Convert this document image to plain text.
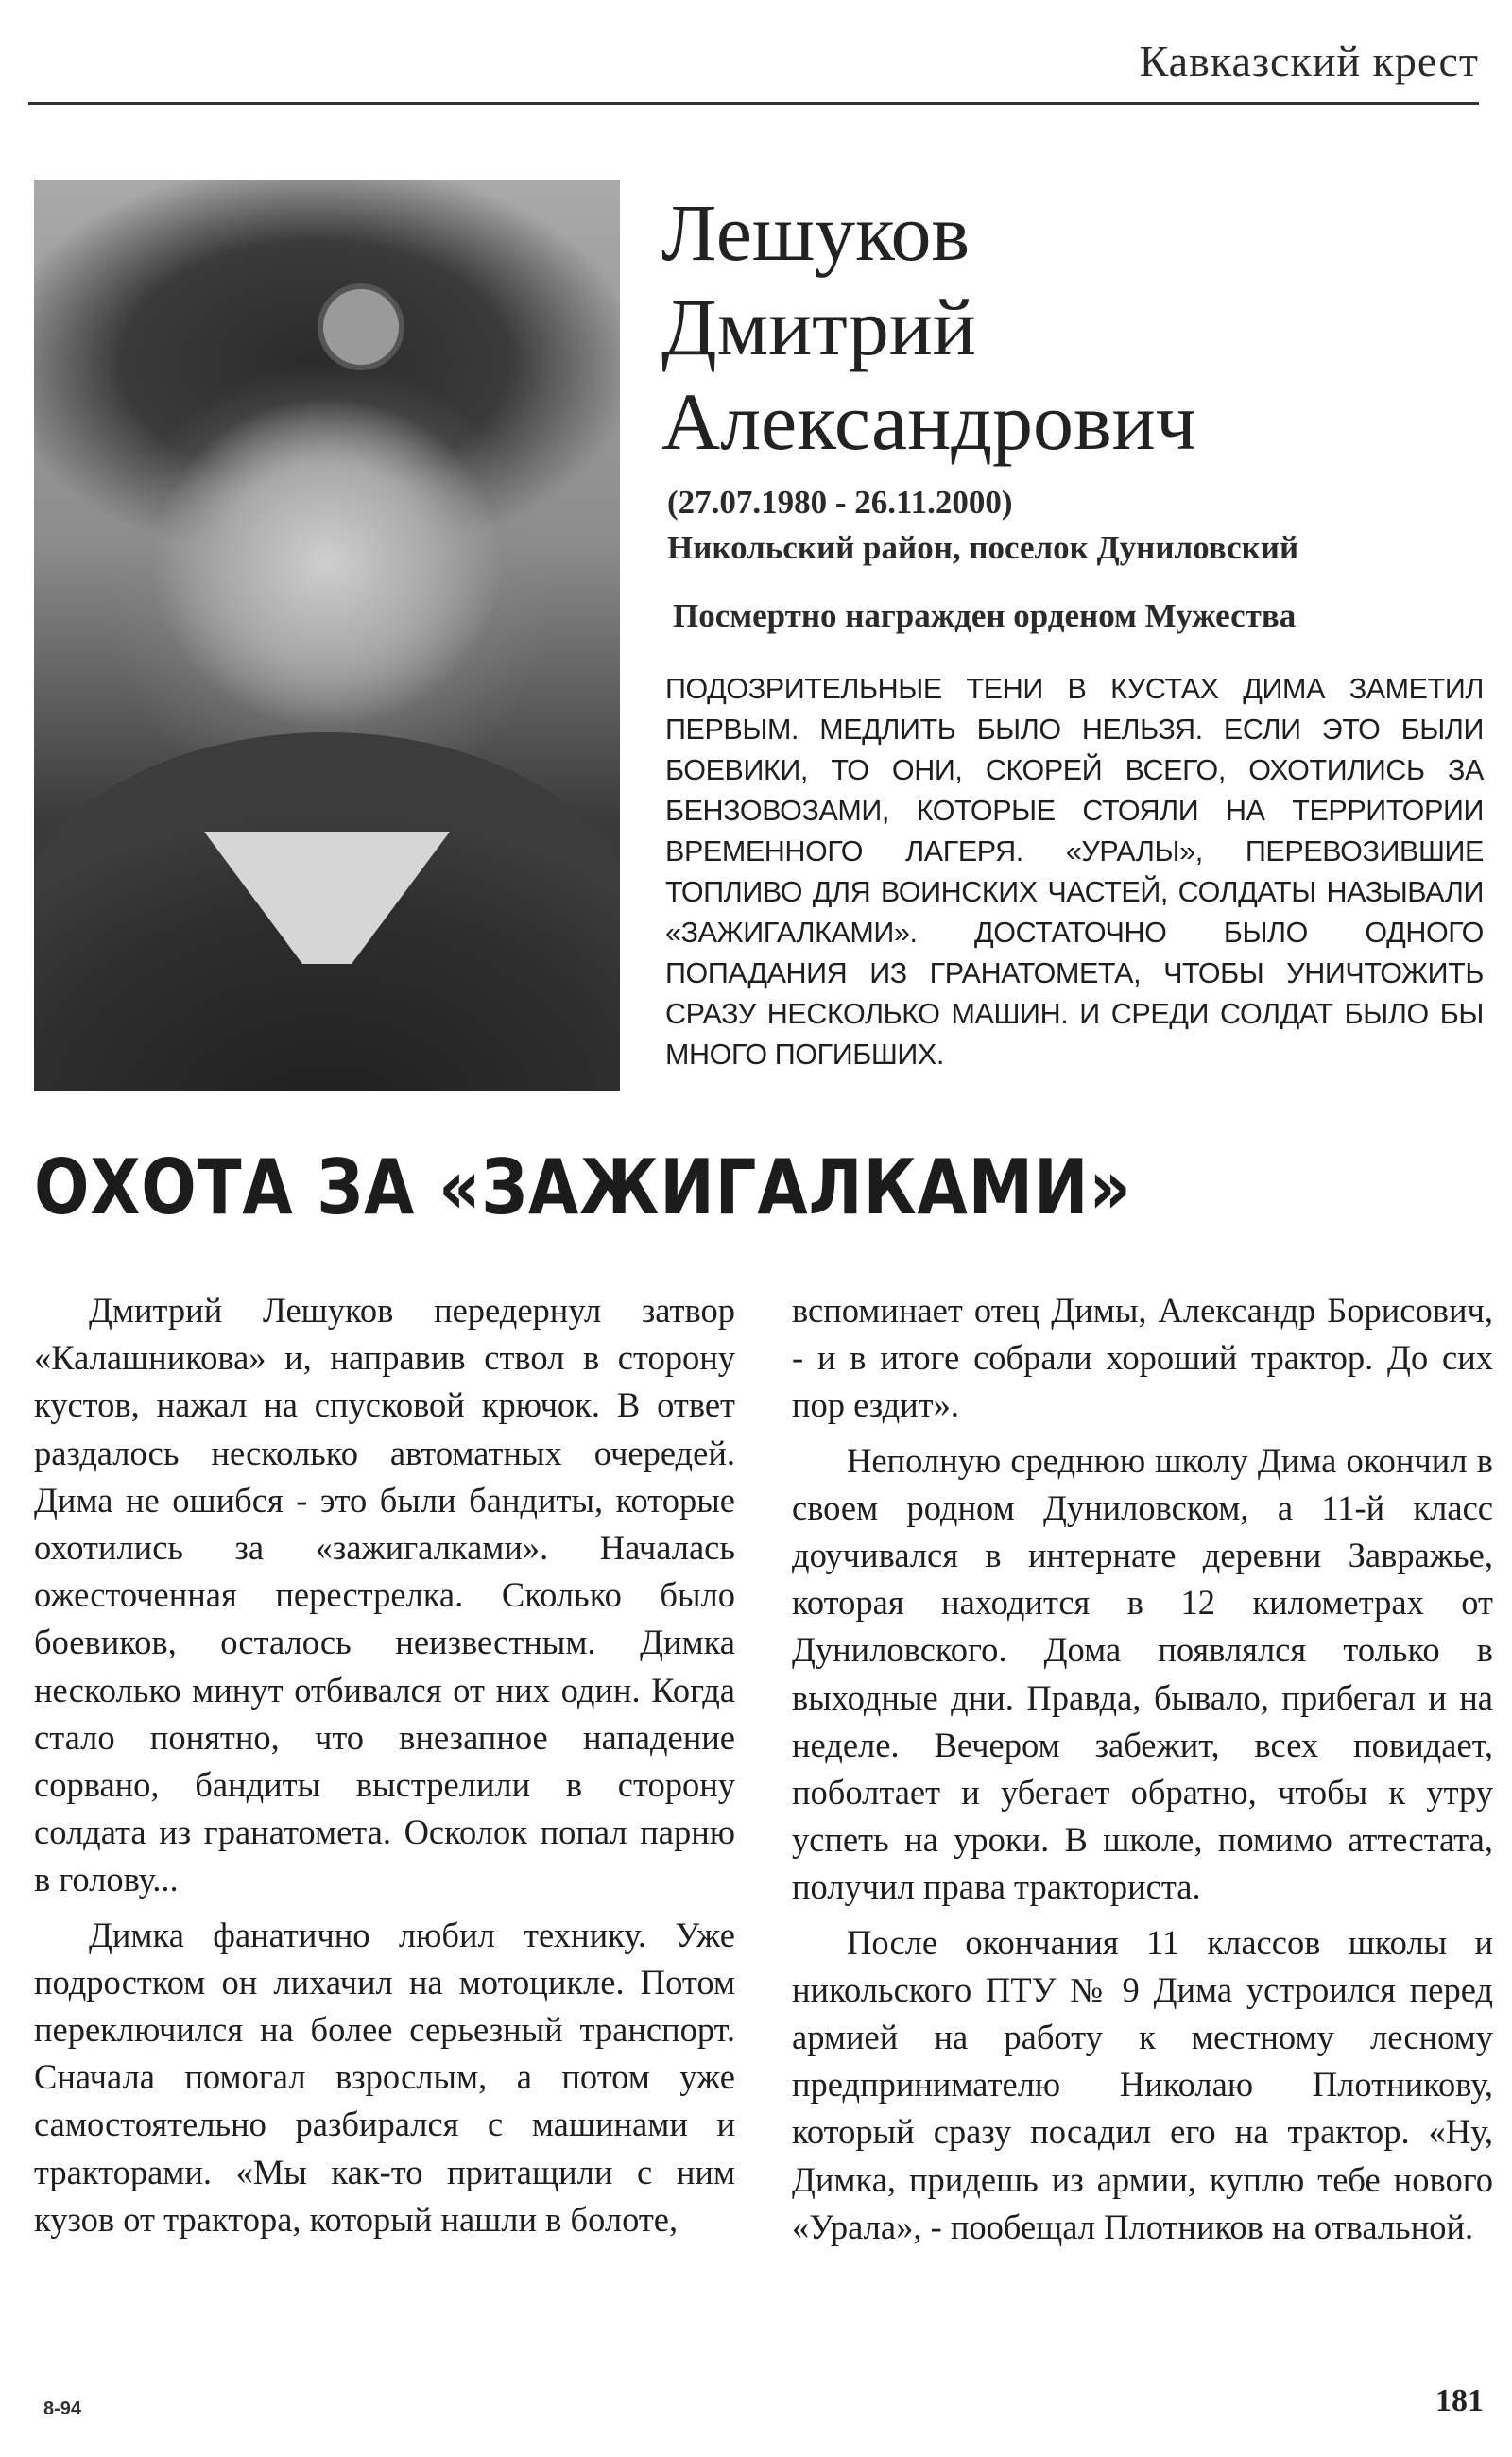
Кавказский крест
Лешуков
Дмитрий
Александрович
(27.07.1980 - 26.11.2000)
Никольский район, поселок Дуниловский
Посмертно награжден орденом Мужества
ПОДОЗРИТЕЛЬНЫЕ ТЕНИ В КУСТАХ ДИМА ЗАМЕТИЛ ПЕРВЫМ. МЕДЛИТЬ БЫЛО НЕЛЬЗЯ. ЕСЛИ ЭТО БЫЛИ БОЕВИКИ, ТО ОНИ, СКОРЕЙ ВСЕГО, ОХОТИЛИСЬ ЗА БЕНЗОВОЗАМИ, КОТОРЫЕ СТОЯЛИ НА ТЕРРИТОРИИ ВРЕМЕННОГО ЛАГЕРЯ. «УРАЛЫ», ПЕРЕВОЗИВШИЕ ТОПЛИВО ДЛЯ ВОИНСКИХ ЧАСТЕЙ, СОЛДАТЫ НАЗЫВАЛИ «ЗАЖИГАЛКАМИ». ДОСТАТОЧНО БЫЛО ОДНОГО ПОПАДАНИЯ ИЗ ГРАНАТОМЕТА, ЧТОБЫ УНИЧТОЖИТЬ СРАЗУ НЕСКОЛЬКО МАШИН. И СРЕДИ СОЛДАТ БЫЛО БЫ МНОГО ПОГИБШИХ.
ОХОТА ЗА «ЗАЖИГАЛКАМИ»

Дмитрий Лешуков передернул затвор «Калашникова» и, направив ствол в сторону кустов, нажал на спусковой крючок. В ответ раздалось несколько автоматных очередей. Дима не ошибся - это были бандиты, которые охотились за «зажигалками». Началась ожесточенная перестрелка. Сколько было боевиков, осталось неизвестным. Димка несколько минут отбивался от них один. Когда стало понятно, что внезапное нападение сорвано, бандиты выстрелили в сторону солдата из гранатомета. Осколок попал парню в голову...

Димка фанатично любил технику. Уже подростком он лихачил на мотоцикле. Потом переключился на более серьезный транспорт. Сначала помогал взрослым, а потом уже самостоятельно разбирался с машинами и тракторами. «Мы как-то притащили с ним кузов от трактора, который нашли в болоте,

вспоминает отец Димы, Александр Борисович, - и в итоге собрали хороший трактор. До сих пор ездит».

Неполную среднюю школу Дима окончил в своем родном Дуниловском, а 11-й класс доучивался в интернате деревни Завражье, которая находится в 12 километрах от Дуниловского. Дома появлялся только в выходные дни. Правда, бывало, прибегал и на неделе. Вечером забежит, всех повидает, поболтает и убегает обратно, чтобы к утру успеть на уроки. В школе, помимо аттестата, получил права тракториста.

После окончания 11 классов школы и никольского ПТУ № 9 Дима устроился перед армией на работу к местному лесному предпринимателю Николаю Плотникову, который сразу посадил его на трактор. «Ну, Димка, придешь из армии, куплю тебе нового «Урала», - пообещал Плотников на отвальной.

8-94	181
